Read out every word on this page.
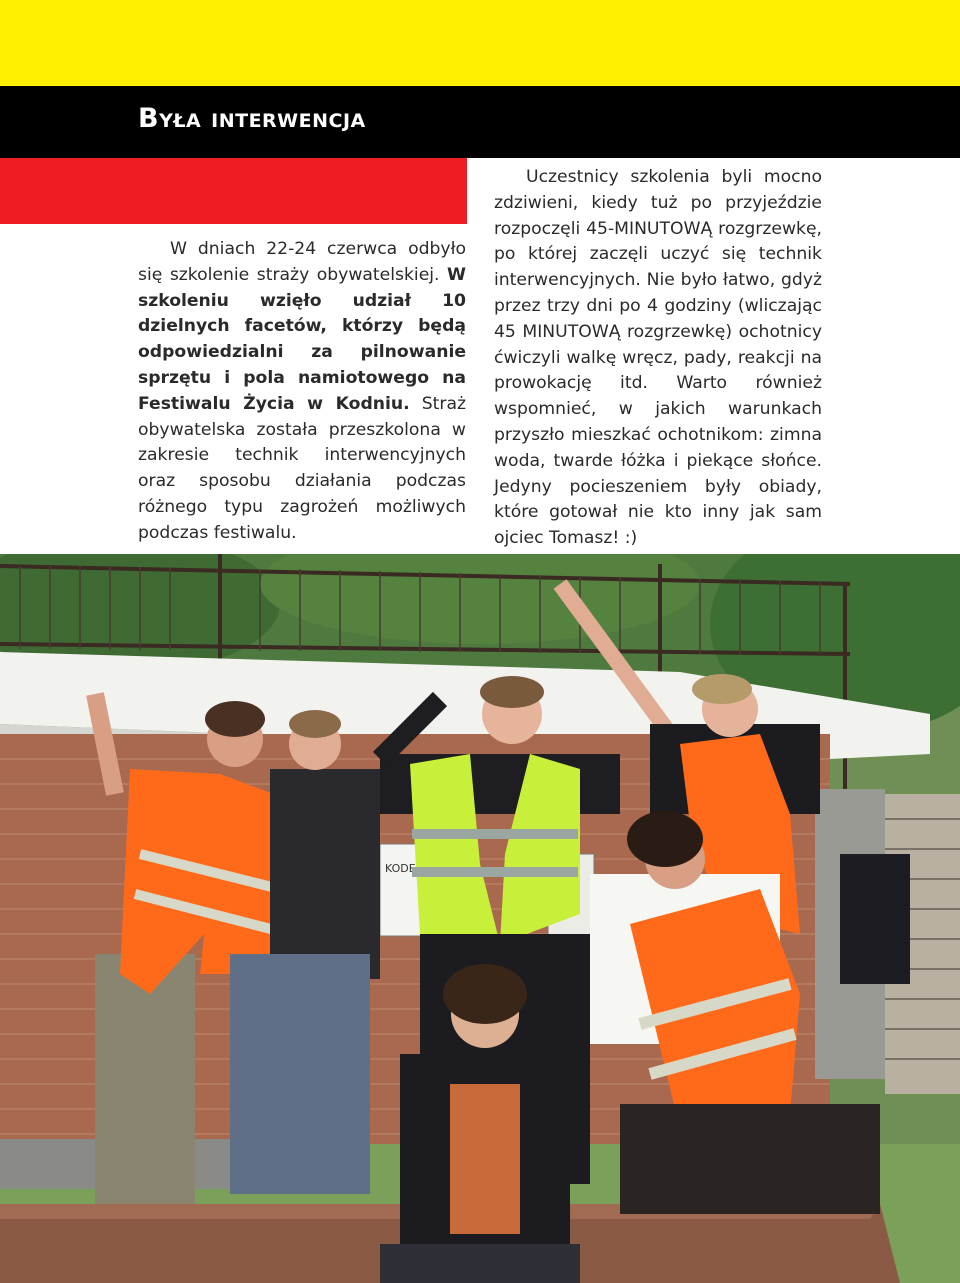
Była interwencja

W dniach 22-24 czerwca odbyło się szkolenie straży obywatelskiej. W szkoleniu wzięło udział 10 dzielnych facetów, którzy będą odpowiedzialni za pilnowanie sprzętu i pola namiotowego na Festiwalu Życia w Kodniu. Straż obywatelska została przeszkolona w zakresie technik interwencyjnych oraz sposobu działania podczas różnego typu zagrożeń możliwych podczas festiwalu.

Uczestnicy szkolenia byli mocno zdziwieni, kiedy tuż po przyjeździe rozpoczęli 45-MINUTOWĄ rozgrzewkę, po której zaczęli uczyć się technik interwencyjnych. Nie było łatwo, gdyż przez trzy dni po 4 godziny (wliczając 45 MINUTOWĄ rozgrzewkę) ochotnicy ćwiczyli walkę wręcz, pady, reakcji na prowokację itd. Warto również wspomnieć, w jakich warunkach przyszło mieszkać ochotnikom: zimna woda, twarde łóżka i piekące słońce. Jedyny pocieszeniem były obiady, które gotował nie kto inny jak sam ojciec Tomasz! :)

KODE
